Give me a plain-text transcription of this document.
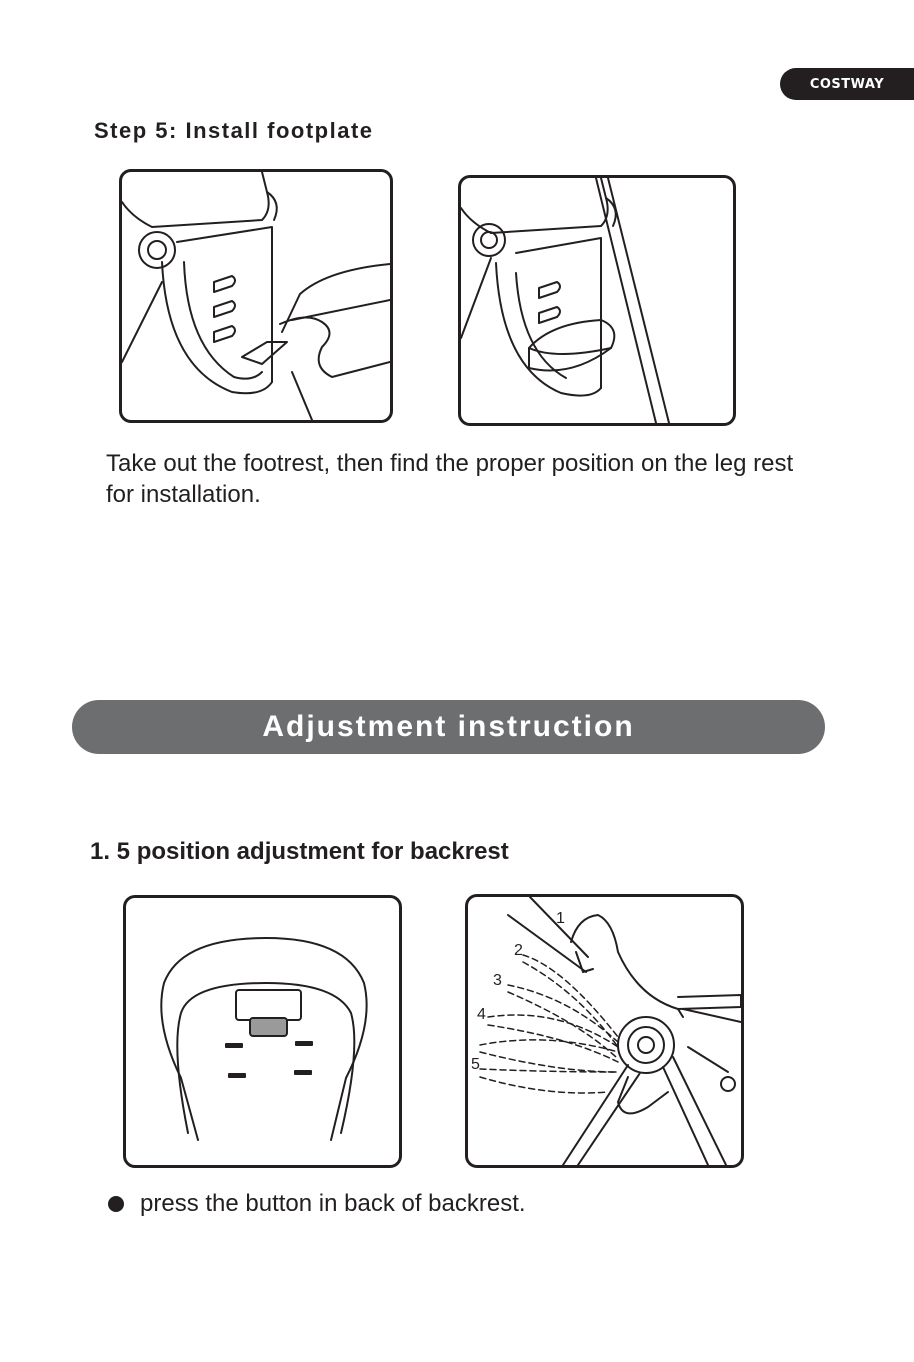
COSTWAY
Step 5: Install footplate
Take out the footrest, then find the proper position on the leg rest for installation.
Adjustment instruction
1. 5 position adjustment for backrest
1
2
3
4
5
press the button in back of backrest.
